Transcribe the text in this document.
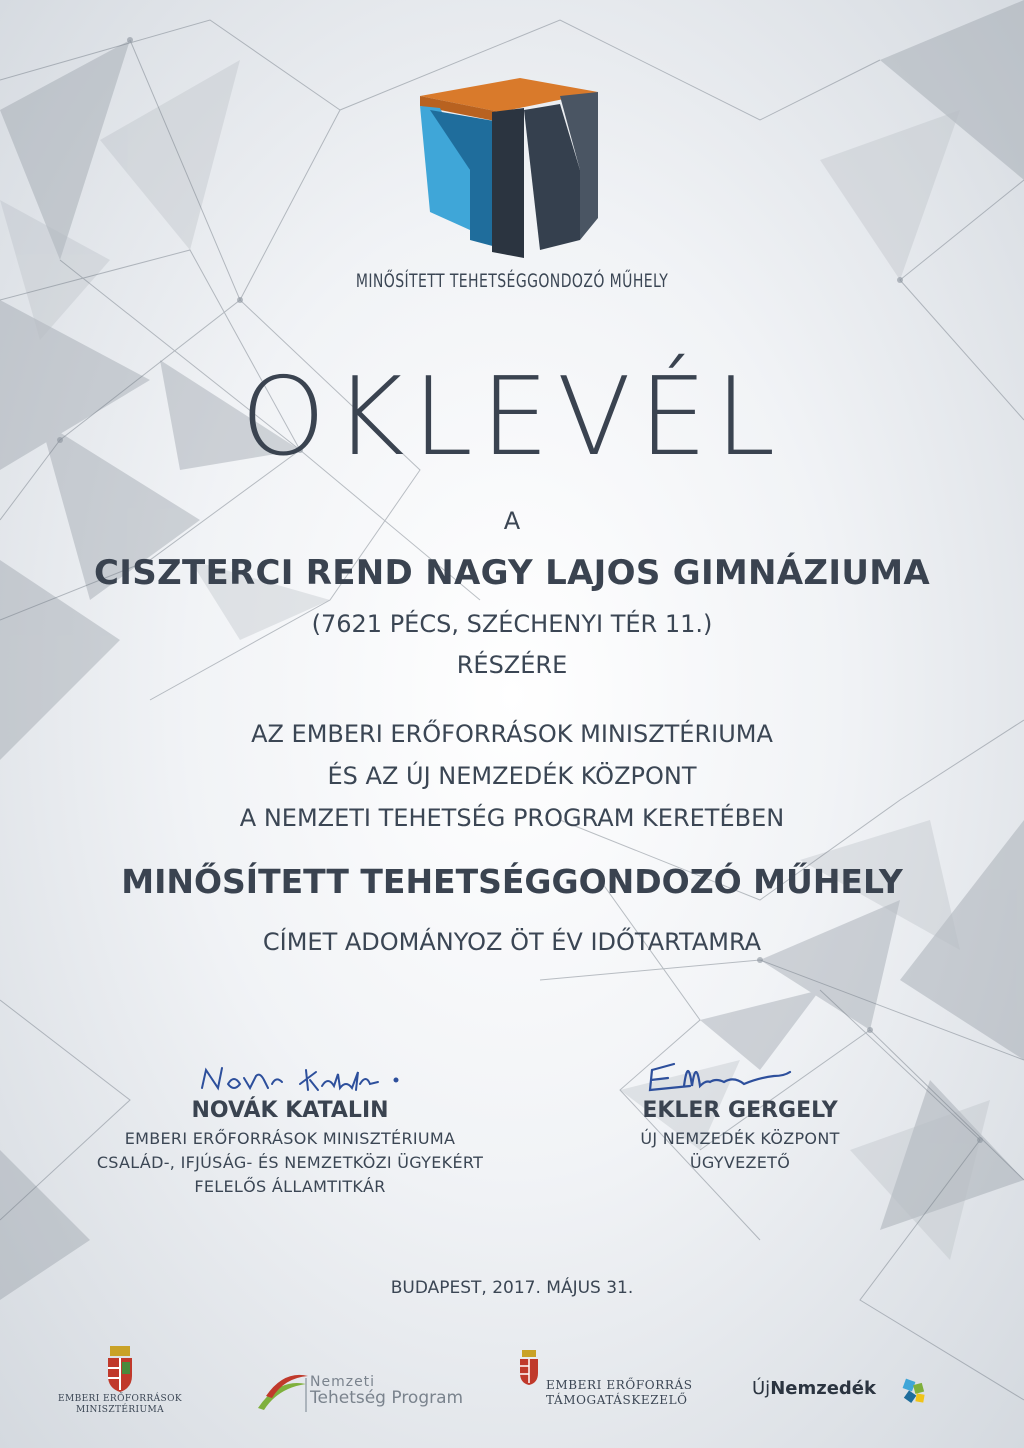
MINŐSÍTETT TEHETSÉGGONDOZÓ MŰHELY
OKLEVÉL
A
CISZTERCI REND NAGY LAJOS GIMNÁZIUMA
(7621 PÉCS, SZÉCHENYI TÉR 11.)
RÉSZÉRE
AZ EMBERI ERŐFORRÁSOK MINISZTÉRIUMA
ÉS AZ ÚJ NEMZEDÉK KÖZPONT
A NEMZETI TEHETSÉG PROGRAM KERETÉBEN
MINŐSÍTETT TEHETSÉGGONDOZÓ MŰHELY
CÍMET ADOMÁNYOZ ÖT ÉV IDŐTARTAMRA
NOVÁK KATALIN
EMBERI ERŐFORRÁSOK MINISZTÉRIUMA
CSALÁD-, IFJÚSÁG- ÉS NEMZETKÖZI ÜGYEKÉRT
FELELŐS ÁLLAMTITKÁR
EKLER GERGELY
ÚJ NEMZEDÉK KÖZPONT
ÜGYVEZETŐ
BUDAPEST, 2017. MÁJUS 31.
EMBERI ERŐFORRÁSOK
MINISZTÉRIUMA
Nemzeti
Tehetség Program
EMBERI ERŐFORRÁS
TÁMOGATÁSKEZELŐ
ÚjNemzedék
